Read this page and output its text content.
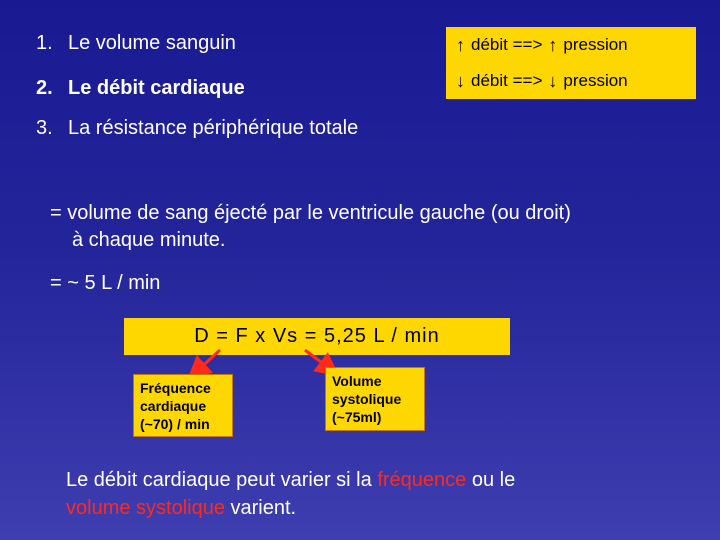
1. Le volume sanguin
2. Le débit cardiaque
3. La résistance périphérique totale
↑ débit ==> ↑ pression
↓ débit ==> ↓ pression
= volume de sang éjecté par le ventricule gauche (ou droit)
à chaque minute.
= ~ 5 L / min
D = F x Vs = 5,25 L / min
Fréquence
cardiaque
(~70) / min
Volume
systolique
(~75ml)
Le débit cardiaque peut varier si la fréquence ou le
volume systolique varient.
